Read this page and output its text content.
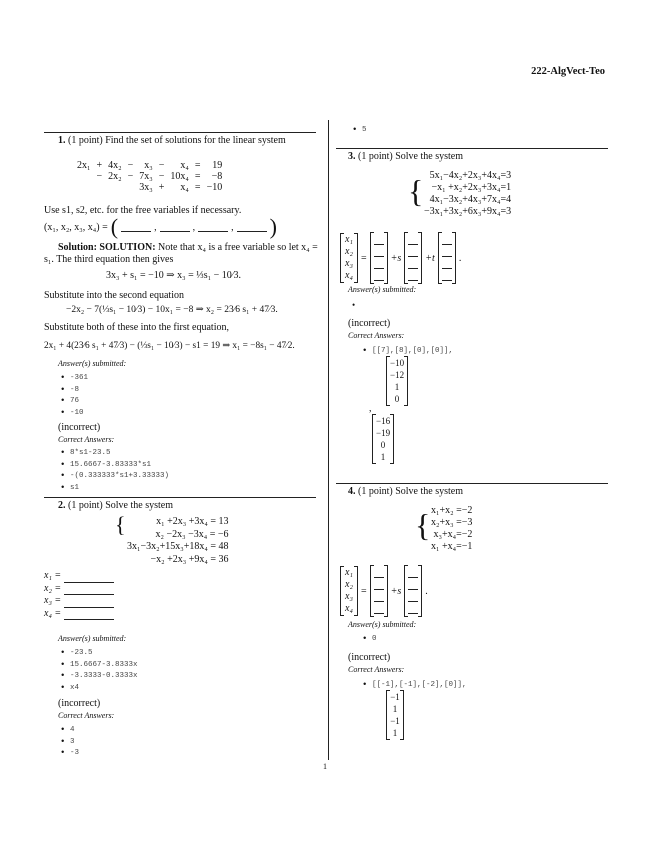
222-AlgVect-Teo
1. (1 point) Find the set of solutions for the linear system
2x₁	+	4x₂	−	x₃	−	x₄	=	19
	−	2x₂	−	7x₃	−	10x₄	=	−8
				3x₃	+	x₄	=	−10
Use s1, s2, etc. for the free variables if necessary.
(x₁, x₂, x₃, x₄) = (	,	,	, )
Solution: SOLUTION: Note that x₄ is a free variable so let x₄ = s₁. The third equation then gives
3x₃ + s₁ = −10 ⇒ x₃ = ⅓s₁ − 10⁄3.
Substitute into the second equation
−2x₂ − 7(⅓s₁ − 10⁄3) − 10x₁ = −8 ⇒ x₂ = 23⁄6 s₁ + 47⁄3.
Substitute both of these into the first equation,
2x₁ + 4(23⁄6 s₁ + 47⁄3) − (⅓s₁ − 10⁄3) − s1 = 19 ⇒ x₁ = −8s₁ − 47⁄2.
Answer(s) submitted:
• -361
• -8
• 76
• -10
(incorrect)
Correct Answers:
• 8*s1-23.5
• 15.6667-3.83333*s1
• -(0.333333*s1+3.33333)
• s1
2. (1 point) Solve the system
{	x₁ +2x₃ +3x₄ = 13
x₂ −2x₃ −3x₄ = −6
3x₁−3x₂+15x₃+18x₄ = 48
−x₂ +2x₃ +9x₄ = 36
x₁ =
x₂ =
x₃ =
x₄ =
Answer(s) submitted:
• -23.5
• 15.6667-3.8333x
• -3.3333-0.3333x
• x4
(incorrect)
Correct Answers:
• 4
• 3
• -3
• 5
3. (1 point) Solve the system
{ 5x₁−4x₂+2x₃+4x₄=3
−x₁ +x₂+2x₃+3x₄=1
4x₁−3x₂+4x₃+7x₄=4
−3x₁+3x₂+6x₃+9x₄=3
x₁
x₂
x₃
x₄
= +s +t .
Answer(s) submitted:
•
(incorrect)
Correct Answers:
• [[7],[8],[0],[0]],
−10
−12
1
0
,
−16
−19
0
1
4. (1 point) Solve the system
{ x₁+x₂ =−2
x₂+x₃ =−3
x₃+x₄=−2
x₁ +x₄=−1
x₁
x₂
x₃
x₄
= +s .
Answer(s) submitted:
• 0
(incorrect)
Correct Answers:
• [[-1],[-1],[-2],[0]],
−1
1
−1
1
1
